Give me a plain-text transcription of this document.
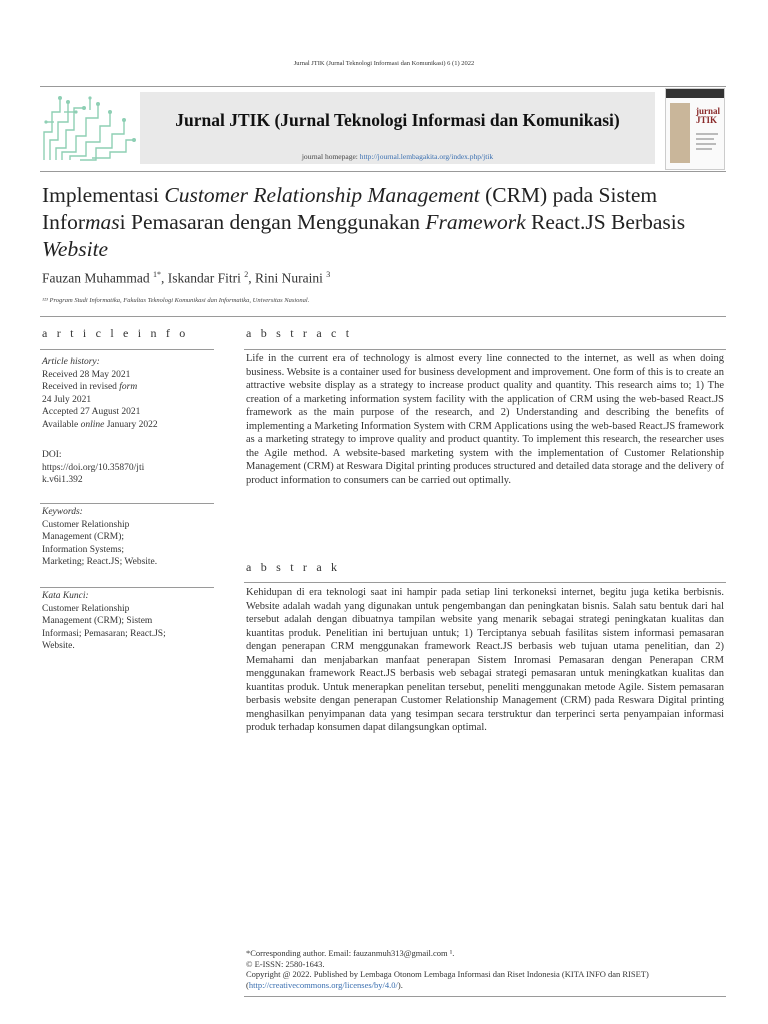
Jurnal JTIK (Jurnal Teknologi Informasi dan Komunikasi) 6 (1) 2022
Jurnal JTIK (Jurnal Teknologi Informasi dan Komunikasi)
journal homepage: http://journal.lembagakita.org/index.php/jtik
jurnal JTIK
Implementasi Customer Relationship Management (CRM) pada Sistem Informasi Pemasaran dengan Menggunakan Framework React.JS Berbasis Website
Fauzan Muhammad $^{1*}$, Iskandar Fitri $^2$, Rini Nuraini $^3$
¹²³ Program Studi Informatika, Fakultas Teknologi Komunikasi dan Informatika, Universitas Nasional.
a r t i c l e i n f o
Article history:
Received 28 May 2021
Received in revised form
24 July 2021
Accepted 27 August 2021
Available online January 2022
DOI:
https://doi.org/10.35870/jti
k.v6i1.392
Keywords:
Customer Relationship
Management (CRM);
Information Systems;
Marketing; React.JS; Website.
Kata Kunci:
Customer Relationship
Management (CRM); Sistem
Informasi; Pemasaran; React.JS;
Website.
a b s t r a c t
Life in the current era of technology is almost every line connected to the internet, as well as when doing business. Website is a container used for business development and improvement. One form of this is to create an attractive website display as a strategy to increase product quality and quantity. This research aims to; 1) The creation of a marketing information system facility with the application of CRM using the web-based React.JS framework as the main purpose of the research, and 2) Understanding and describing the benefits of implementing a Marketing Information System with CRM Applications using the web-based React.JS framework as a marketing strategy to improve quality and product quantity. To implement this research, the researcher uses the Agile method. A website-based marketing system with the implementation of Customer Relationship Management (CRM) at Reswara Digital printing produces structured and detailed data storage and the delivery of product information to consumers can be carried out optimally.
a b s t r a k
Kehidupan di era teknologi saat ini hampir pada setiap lini terkoneksi internet, begitu juga ketika berbisnis. Website adalah wadah yang digunakan untuk pengembangan dan peningkatan bisnis. Salah satu bentuk dari hal tersebut adalah dengan dibuatnya tampilan website yang menarik sebagai strategi peningkatan kualitas dan kuantitas produk. Penelitian ini bertujuan untuk; 1) Terciptanya sebuah fasilitas sistem informasi pemasaran dengan penerapan CRM menggunakan framework React.JS berbasis web tujuan utama penelitian, dan 2) Memahami dan menjabarkan manfaat penerapan Sistem Inromasi Pemasaran dengan Penerapan CRM menggunakan framework React.JS berbasis web sebagai strategi pemasaran untuk meningkatkan kualitas dan kuantitas produk. Untuk menerapkan penelitan tersebut, peneliti menggunakan metode Agile. Sistem pemasaran berbasis website dengan penerapan Customer Relationship Management (CRM) pada Reswara Digital printing menghasilkan penyimpanan data yang tesimpan secara terstruktur dan terperinci serta penyampaian informasi produk terhadap konsumen dapat dilangsungkan optimal.
*Corresponding author. Email: fauzanmuh313@gmail.com ¹.
© E-ISSN: 2580-1643.
Copyright @ 2022. Published by Lembaga Otonom Lembaga Informasi dan Riset Indonesia (KITA INFO dan RISET)
(http://creativecommons.org/licenses/by/4.0/).
